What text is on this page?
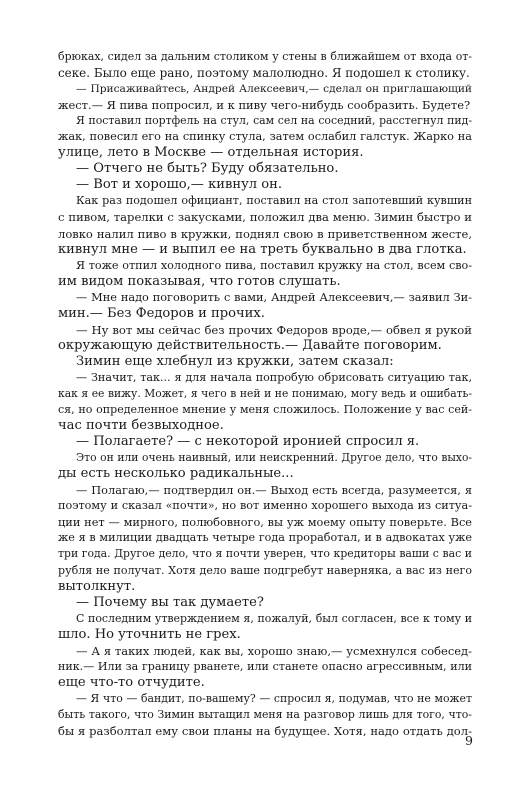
брюках, сидел за дальним столиком у стены в ближайшем от входа от-
секе. Было еще рано, поэтому малолюдно. Я подошел к столику.
— Присаживайтесь, Андрей Алексеевич,— сделал он приглашающий
жест.— Я пива попросил, и к пиву чего-нибудь сообразить. Будете?
Я поставил портфель на стул, сам сел на соседний, расстегнул пид-
жак, повесил его на спинку стула, затем ослабил галстук. Жарко на
улице, лето в Москве — отдельная история.
— Отчего не быть? Буду обязательно.
— Вот и хорошо,— кивнул он.
Как раз подошел официант, поставил на стол запотевший кувшин
с пивом, тарелки с закусками, положил два меню. Зимин быстро и
ловко налил пиво в кружки, поднял свою в приветственном жесте,
кивнул мне — и выпил ее на треть буквально в два глотка.
Я тоже отпил холодного пива, поставил кружку на стол, всем сво-
им видом показывая, что готов слушать.
— Мне надо поговорить с вами, Андрей Алексеевич,— заявил Зи-
мин.— Без Федоров и прочих.
— Ну вот мы сейчас без прочих Федоров вроде,— обвел я рукой
окружающую действительность.— Давайте поговорим.
Зимин еще хлебнул из кружки, затем сказал:
— Значит, так... я для начала попробую обрисовать ситуацию так,
как я ее вижу. Может, я чего в ней и не понимаю, могу ведь и ошибать-
ся, но определенное мнение у меня сложилось. Положение у вас сей-
час почти безвыходное.
— Полагаете? — с некоторой иронией спросил я.
Это он или очень наивный, или неискренний. Другое дело, что выхо-
ды есть несколько радикальные...
— Полагаю,— подтвердил он.— Выход есть всегда, разумеется, я
поэтому и сказал «почти», но вот именно хорошего выхода из ситуа-
ции нет — мирного, полюбовного, вы уж моему опыту поверьте. Все
же я в милиции двадцать четыре года проработал, и в адвокатах уже
три года. Другое дело, что я почти уверен, что кредиторы ваши с вас и
рубля не получат. Хотя дело ваше подгребут наверняка, а вас из него
вытолкнут.
— Почему вы так думаете?
С последним утверждением я, пожалуй, был согласен, все к тому и
шло. Но уточнить не грех.
— А я таких людей, как вы, хорошо знаю,— усмехнулся собесед-
ник.— Или за границу рванете, или станете опасно агрессивным, или
еще что-то отчудите.
— Я что — бандит, по-вашему? — спросил я, подумав, что не может
быть такого, что Зимин вытащил меня на разговор лишь для того, что-
бы я разболтал ему свои планы на будущее. Хотя, надо отдать дол-
9
